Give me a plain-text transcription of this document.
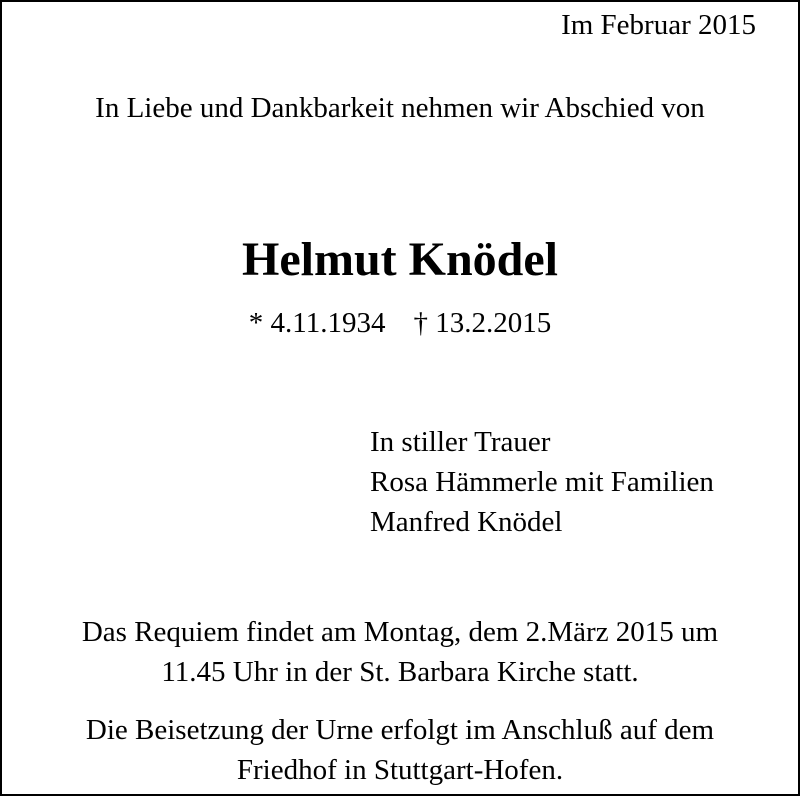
Im Februar 2015
In Liebe und Dankbarkeit nehmen wir Abschied von
Helmut Knödel
* 4.11.1934 † 13.2.2015
In stiller Trauer
Rosa Hämmerle mit Familien
Manfred Knödel
Das Requiem findet am Montag, dem 2.März 2015 um
11.45 Uhr in der St. Barbara Kirche statt.
Die Beisetzung der Urne erfolgt im Anschluß auf dem
Friedhof in Stuttgart-Hofen.
